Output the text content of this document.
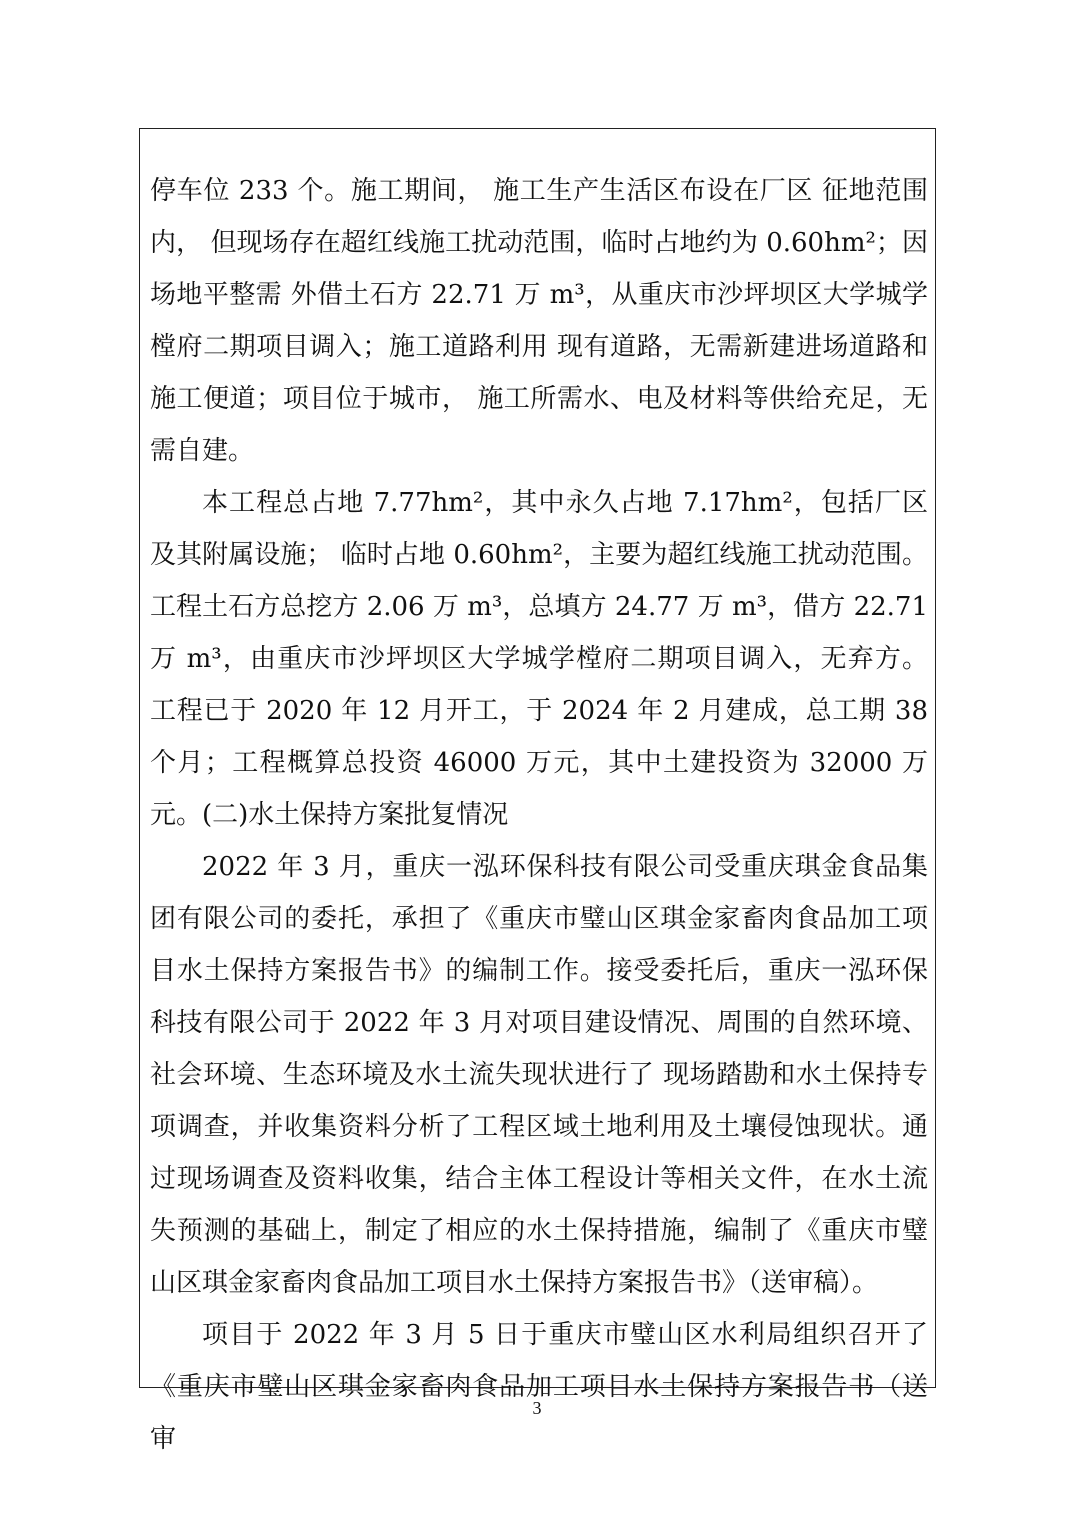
停车位 233 个。施工期间， 施工生产生活区布设在厂区 征地范围内， 但现场存在超红线施工扰动范围，临时占地约为 0.60hm²；因场地平整需 外借土石方 22.71 万 m³，从重庆市沙坪坝区大学城学樘府二期项目调入；施工道路利用 现有道路，无需新建进场道路和施工便道；项目位于城市， 施工所需水、电及材料等供给充足，无需自建。

本工程总占地 7.77hm²，其中永久占地 7.17hm²，包括厂区及其附属设施； 临时占地 0.60hm²，主要为超红线施工扰动范围。工程土石方总挖方 2.06 万 m³，总填方 24.77 万 m³，借方 22.71 万 m³，由重庆市沙坪坝区大学城学樘府二期项目调入，无弃方。 工程已于 2020 年 12 月开工，于 2024 年 2 月建成，总工期 38 个月；工程概算总投资 46000 万元，其中土建投资为 32000 万元。 (二)水土保持方案批复情况

2022 年 3 月，重庆一泓环保科技有限公司受重庆琪金食品集团有限公司的委托，承担了《重庆市璧山区琪金家畜肉食品加工项目水土保持方案报告书》的编制工作。接受委托后，重庆一泓环保科技有限公司于 2022 年 3 月对项目建设情况、周围的自然环境、社会环境、生态环境及水土流失现状进行了 现场踏勘和水土保持专项调查，并收集资料分析了工程区域土地利用及土壤侵蚀现状。通过现场调查及资料收集，结合主体工程设计等相关文件，在水土流失预测的基础上，制定了相应的水土保持措施，编制了《重庆市璧山区琪金家畜肉食品加工项目水土保持方案报告书》（送审稿）。

项目于 2022 年 3 月 5 日于重庆市璧山区水利局组织召开了《重庆市璧山区琪金家畜肉食品加工项目水土保持方案报告书（送审

3
